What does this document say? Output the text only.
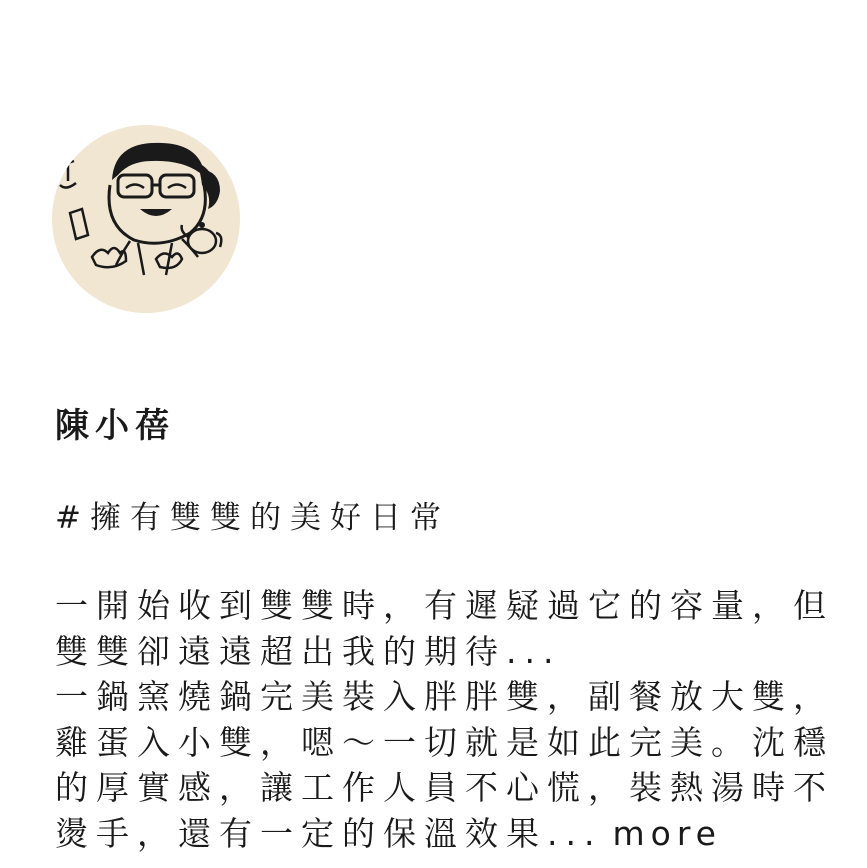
陳小蓓
#擁有雙雙的美好日常
一開始收到雙雙時，有遲疑過它的容量，但
雙雙卻遠遠超出我的期待...
一鍋窯燒鍋完美裝入胖胖雙，副餐放大雙，
雞蛋入小雙，嗯～一切就是如此完美。沈穩
的厚實感，讓工作人員不心慌，裝熱湯時不
燙手，還有一定的保溫效果... more
